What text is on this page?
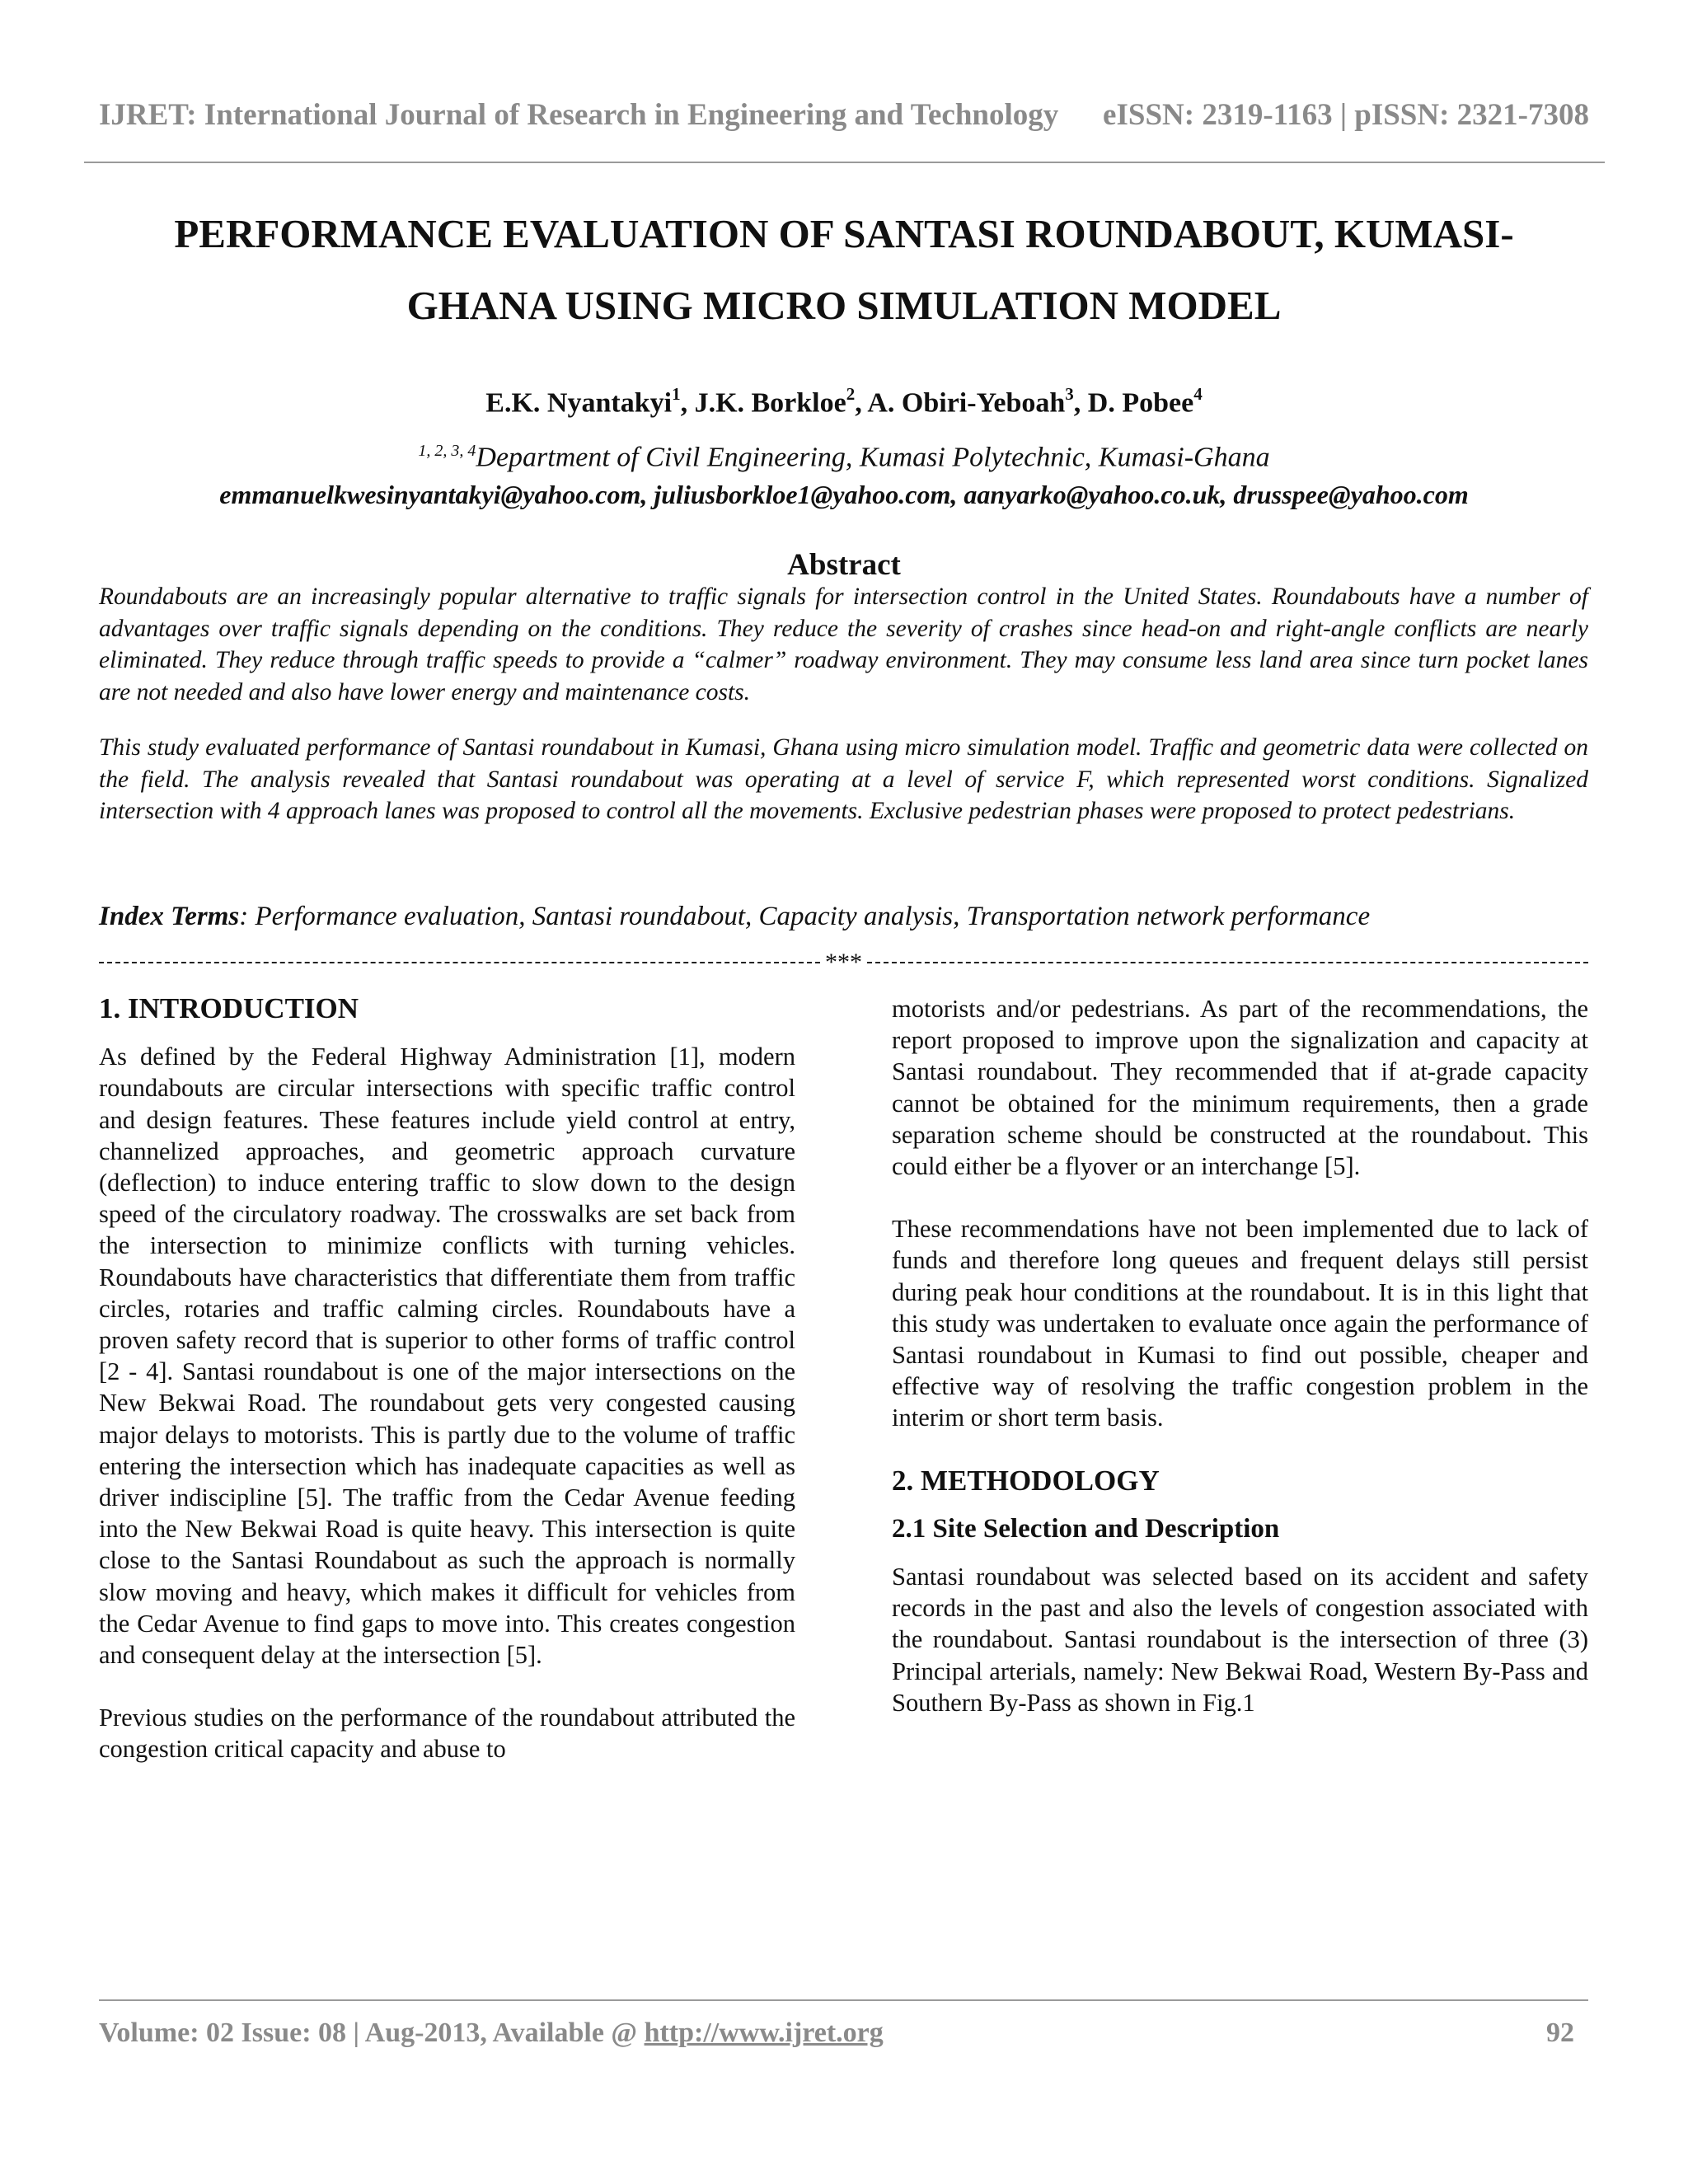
IJRET: International Journal of Research in Engineering and Technology eISSN: 2319-1163 | pISSN: 2321-7308
PERFORMANCE EVALUATION OF SANTASI ROUNDABOUT, KUMASI-
GHANA USING MICRO SIMULATION MODEL
E.K. Nyantakyi$^1$, J.K. Borkloe$^2$, A. Obiri-Yeboah$^3$, D. Pobee$^4$
$^{1, 2, 3, 4}$Department of Civil Engineering, Kumasi Polytechnic, Kumasi-Ghana
emmanuelkwesinyantakyi@yahoo.com, juliusborkloe1@yahoo.com, aanyarko@yahoo.co.uk, drusspee@yahoo.com
Abstract
Roundabouts are an increasingly popular alternative to traffic signals for intersection control in the United States. Roundabouts have a number of advantages over traffic signals depending on the conditions. They reduce the severity of crashes since head-on and right-angle conflicts are nearly eliminated. They reduce through traffic speeds to provide a “calmer” roadway environment. They may consume less land area since turn pocket lanes are not needed and also have lower energy and maintenance costs.
This study evaluated performance of Santasi roundabout in Kumasi, Ghana using micro simulation model. Traffic and geometric data were collected on the field. The analysis revealed that Santasi roundabout was operating at a level of service F, which represented worst conditions. Signalized intersection with 4 approach lanes was proposed to control all the movements. Exclusive pedestrian phases were proposed to protect pedestrians.
Index Terms: Performance evaluation, Santasi roundabout, Capacity analysis, Transportation network performance
***

1. INTRODUCTION

As defined by the Federal Highway Administration [1], modern roundabouts are circular intersections with specific traffic control and design features. These features include yield control at entry, channelized approaches, and geometric approach curvature (deflection) to induce entering traffic to slow down to the design speed of the circulatory roadway. The crosswalks are set back from the intersection to minimize conflicts with turning vehicles. Roundabouts have characteristics that differentiate them from traffic circles, rotaries and traffic calming circles. Roundabouts have a proven safety record that is superior to other forms of traffic control [2 - 4]. Santasi roundabout is one of the major intersections on the New Bekwai Road. The roundabout gets very congested causing major delays to motorists. This is partly due to the volume of traffic entering the intersection which has inadequate capacities as well as driver indiscipline [5]. The traffic from the Cedar Avenue feeding into the New Bekwai Road is quite heavy. This intersection is quite close to the Santasi Roundabout as such the approach is normally slow moving and heavy, which makes it difficult for vehicles from the Cedar Avenue to find gaps to move into. This creates congestion and consequent delay at the intersection [5].

Previous studies on the performance of the roundabout attributed the congestion critical capacity and abuse to

motorists and/or pedestrians. As part of the recommendations, the report proposed to improve upon the signalization and capacity at Santasi roundabout. They recommended that if at-grade capacity cannot be obtained for the minimum requirements, then a grade separation scheme should be constructed at the roundabout. This could either be a flyover or an interchange [5].

These recommendations have not been implemented due to lack of funds and therefore long queues and frequent delays still persist during peak hour conditions at the roundabout. It is in this light that this study was undertaken to evaluate once again the performance of Santasi roundabout in Kumasi to find out possible, cheaper and effective way of resolving the traffic congestion problem in the interim or short term basis.

2. METHODOLOGY

2.1 Site Selection and Description

Santasi roundabout was selected based on its accident and safety records in the past and also the levels of congestion associated with the roundabout. Santasi roundabout is the intersection of three (3) Principal arterials, namely: New Bekwai Road, Western By-Pass and Southern By-Pass as shown in Fig.1

Volume: 02 Issue: 08 | Aug-2013, Available @ http://www.ijret.org	92
